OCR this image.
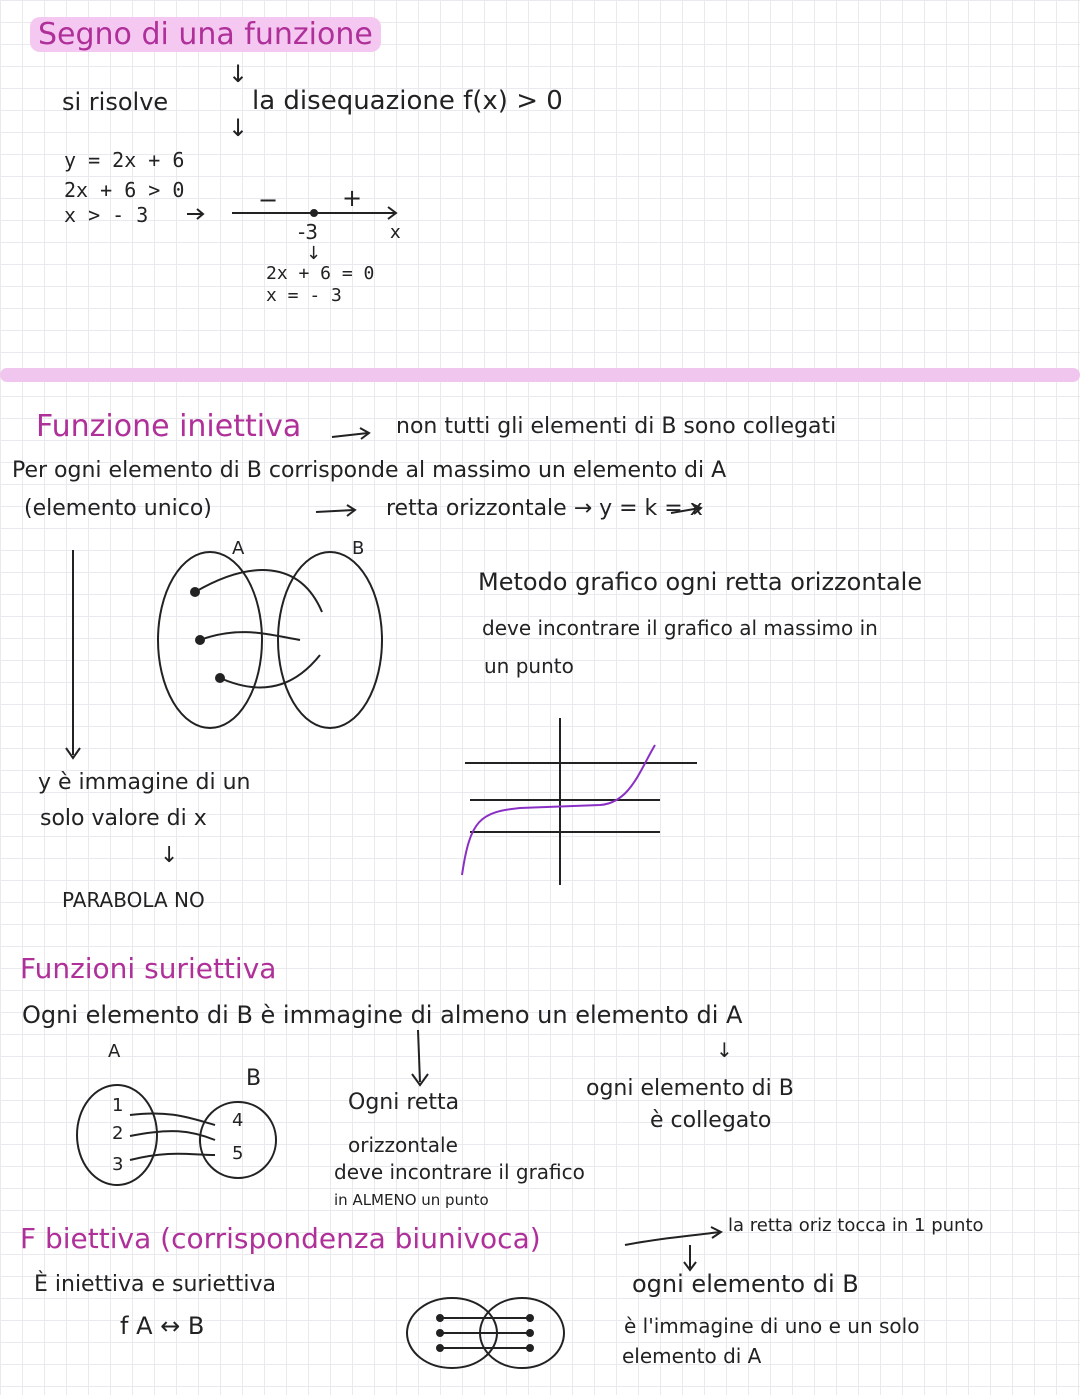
Segno di una funzione
↓
si risolve	la disequazione f(x) > 0
↓
y = 2x + 6
2x + 6 > 0
x > - 3
−	+
-3	x
↓
2x + 6 = 0
x = - 3
Funzione iniettiva	non tutti gli elementi di B sono collegati
Per ogni elemento di B corrisponde al massimo un elemento di A
(elemento unico)	retta orizzontale → y = k = x
A	B
Metodo grafico ogni retta orizzontale
deve incontrare il grafico al massimo in
un punto
y è immagine di un
solo valore di x
↓
PARABOLA NO
Funzioni suriettiva
Ogni elemento di B è immagine di almeno un elemento di A
A
B
1
2
3
4
5
↓
Ogni retta
orizzontale
deve incontrare il grafico
in ALMENO un punto
ogni elemento di B
è collegato
F biettiva (corrispondenza biunivoca)
È iniettiva e suriettiva
f A ↔ B
la retta oriz tocca in 1 punto
ogni elemento di B
è l'immagine di uno e un solo
elemento di A
